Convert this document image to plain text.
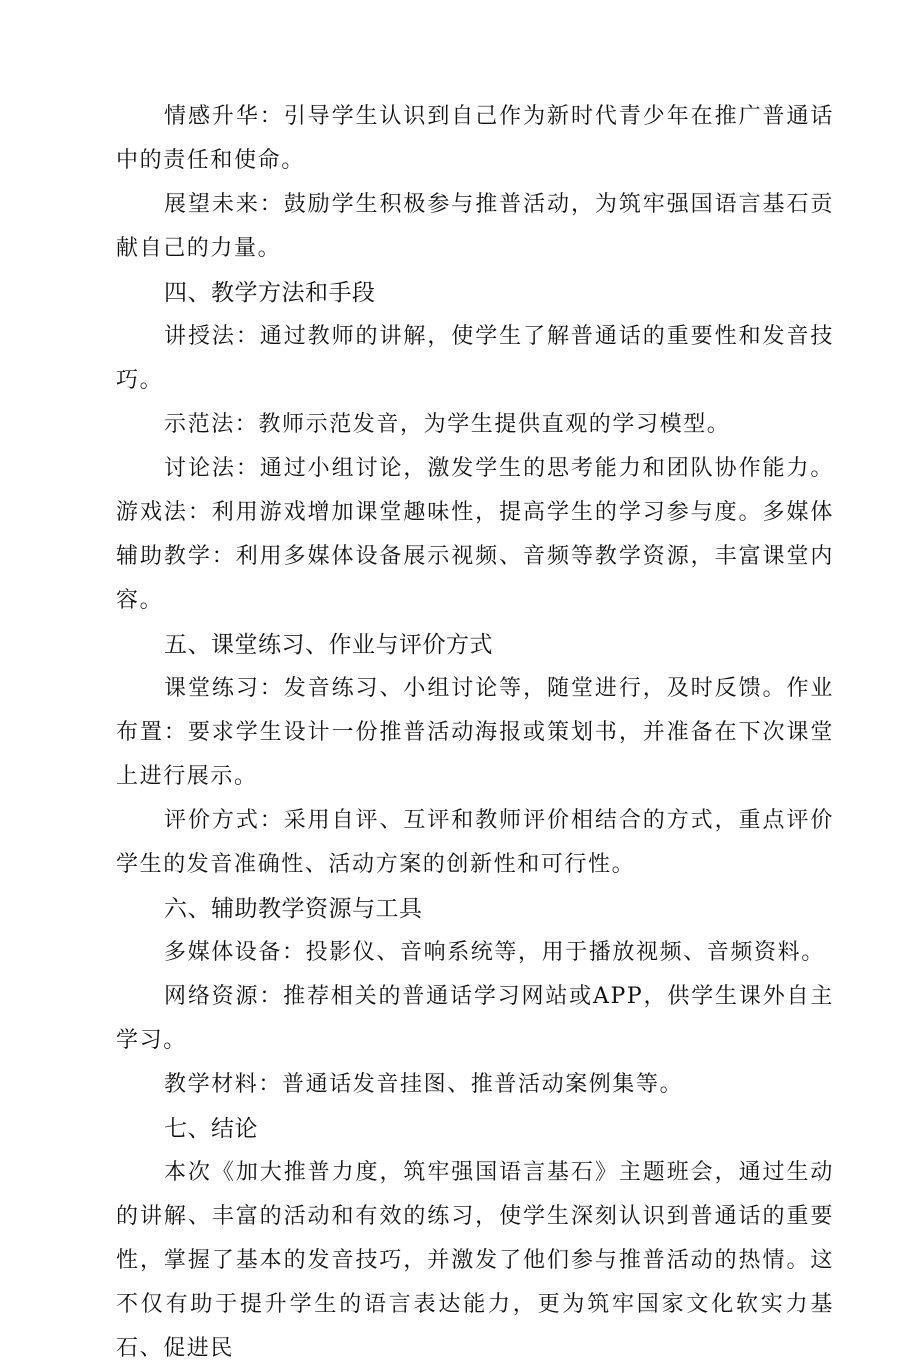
情感升华：引导学生认识到自己作为新时代青少年在推广普通话中的责任和使命。

展望未来：鼓励学生积极参与推普活动，为筑牢强国语言基石贡献自己的力量。

四、教学方法和手段

讲授法：通过教师的讲解，使学生了解普通话的重要性和发音技巧。

示范法：教师示范发音，为学生提供直观的学习模型。

讨论法：通过小组讨论，激发学生的思考能力和团队协作能力。游戏法：利用游戏增加课堂趣味性，提高学生的学习参与度。多媒体辅助教学：利用多媒体设备展示视频、音频等教学资源，丰富课堂内容。

五、课堂练习、作业与评价方式

课堂练习：发音练习、小组讨论等，随堂进行，及时反馈。作业布置：要求学生设计一份推普活动海报或策划书，并准备在下次课堂上进行展示。

评价方式：采用自评、互评和教师评价相结合的方式，重点评价学生的发音准确性、活动方案的创新性和可行性。

六、辅助教学资源与工具

多媒体设备：投影仪、音响系统等，用于播放视频、音频资料。

网络资源：推荐相关的普通话学习网站或APP，供学生课外自主学习。

教学材料：普通话发音挂图、推普活动案例集等。

七、结论

本次《加大推普力度，筑牢强国语言基石》主题班会，通过生动的讲解、丰富的活动和有效的练习，使学生深刻认识到普通话的重要性，掌握了基本的发音技巧，并激发了他们参与推普活动的热情。这不仅有助于提升学生的语言表达能力，更为筑牢国家文化软实力基石、促进民
